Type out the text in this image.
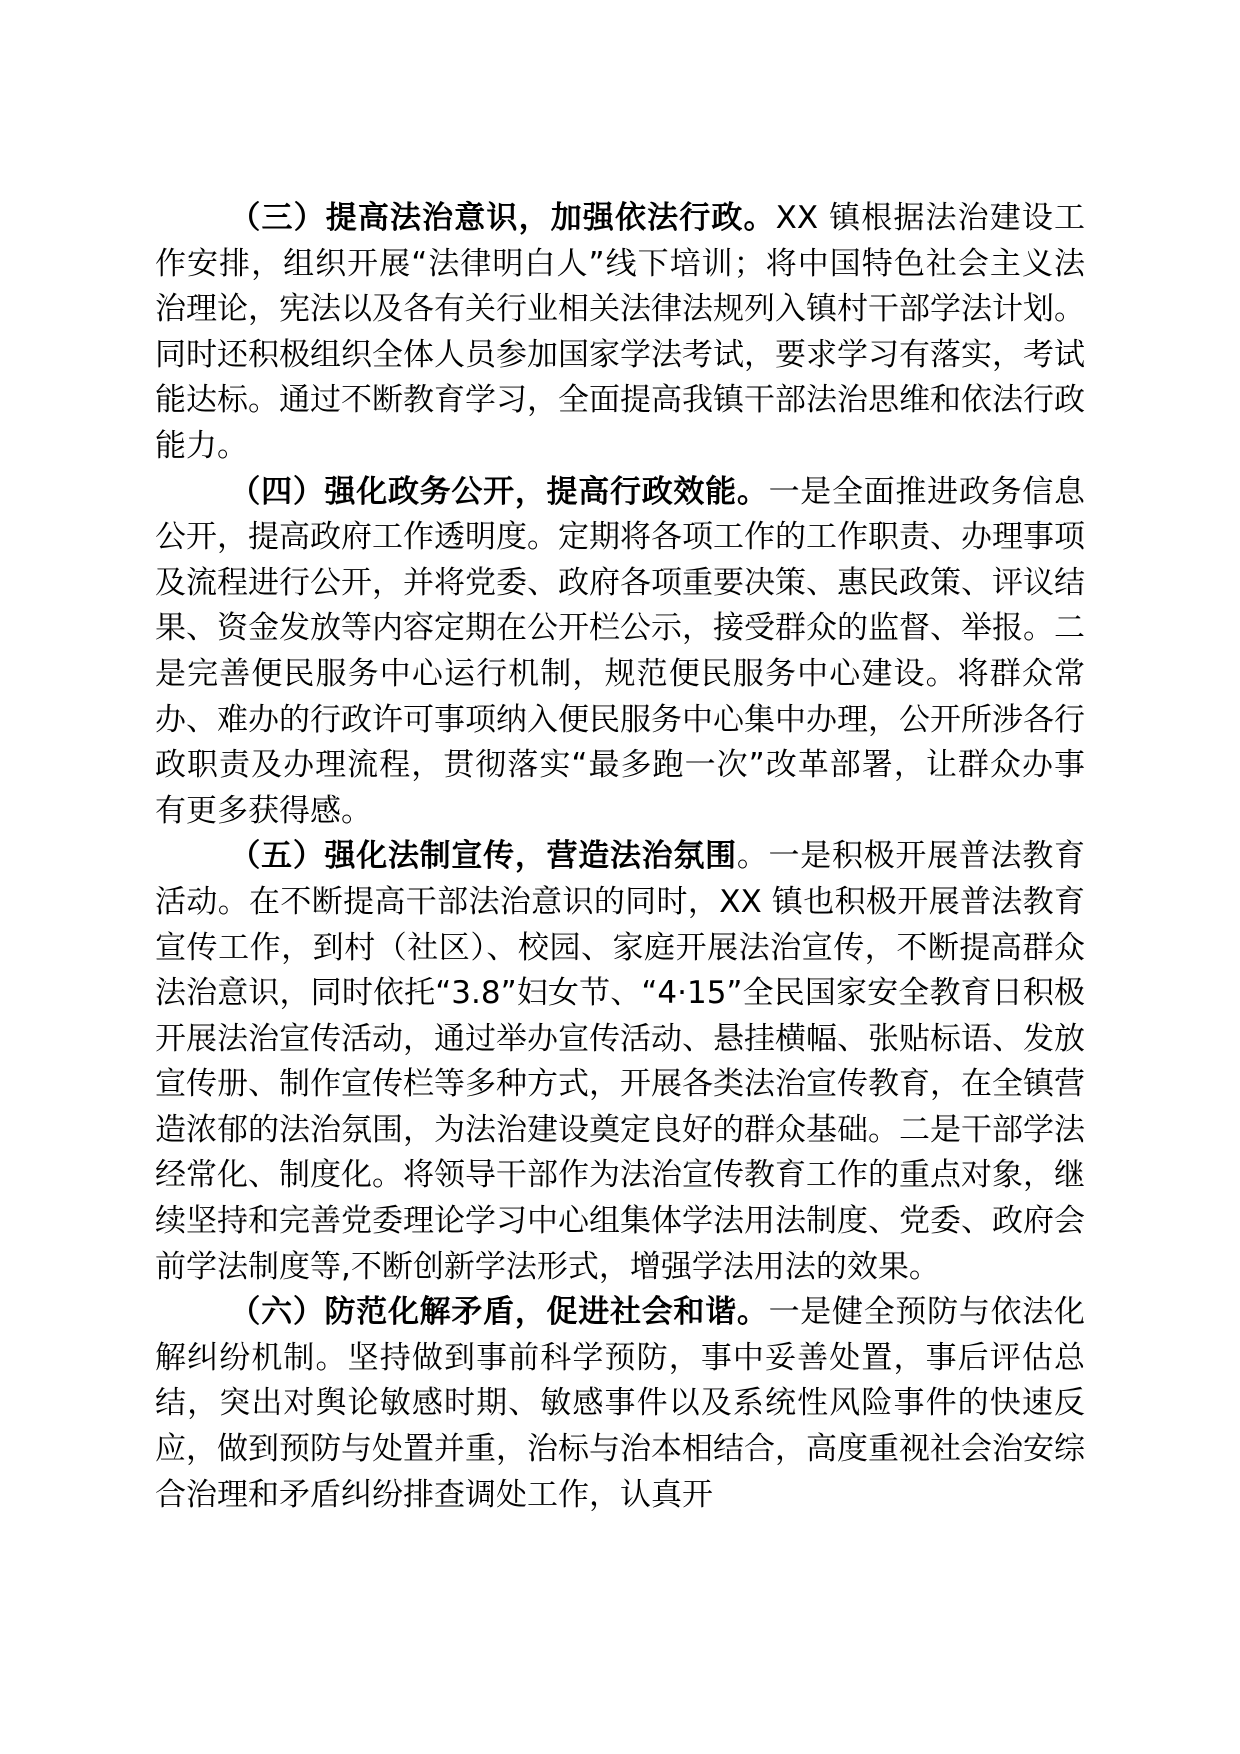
（三）提高法治意识，加强依法行政。XX 镇根据法治建设工作安排，组织开展“法律明白人”线下培训；将中国特色社会主义法治理论，宪法以及各有关行业相关法律法规列入镇村干部学法计划。同时还积极组织全体人员参加国家学法考试，要求学习有落实，考试能达标。通过不断教育学习，全面提高我镇干部法治思维和依法行政能力。

（四）强化政务公开，提高行政效能。一是全面推进政务信息公开，提高政府工作透明度。定期将各项工作的工作职责、办理事项及流程进行公开，并将党委、政府各项重要决策、惠民政策、评议结果、资金发放等内容定期在公开栏公示，接受群众的监督、举报。二是完善便民服务中心运行机制，规范便民服务中心建设。将群众常办、难办的行政许可事项纳入便民服务中心集中办理，公开所涉各行政职责及办理流程，贯彻落实“最多跑一次”改革部署，让群众办事有更多获得感。

（五）强化法制宣传，营造法治氛围。一是积极开展普法教育活动。在不断提高干部法治意识的同时，XX 镇也积极开展普法教育宣传工作，到村（社区）、校园、家庭开展法治宣传，不断提高群众法治意识，同时依托“3.8”妇女节、“4·15”全民国家安全教育日积极开展法治宣传活动，通过举办宣传活动、悬挂横幅、张贴标语、发放宣传册、制作宣传栏等多种方式，开展各类法治宣传教育，在全镇营造浓郁的法治氛围，为法治建设奠定良好的群众基础。二是干部学法经常化、制度化。将领导干部作为法治宣传教育工作的重点对象，继续坚持和完善党委理论学习中心组集体学法用法制度、党委、政府会前学法制度等,不断创新学法形式，增强学法用法的效果。

（六）防范化解矛盾，促进社会和谐。一是健全预防与依法化解纠纷机制。坚持做到事前科学预防，事中妥善处置，事后评估总结，突出对舆论敏感时期、敏感事件以及系统性风险事件的快速反应，做到预防与处置并重，治标与治本相结合，高度重视社会治安综合治理和矛盾纠纷排查调处工作，认真开
